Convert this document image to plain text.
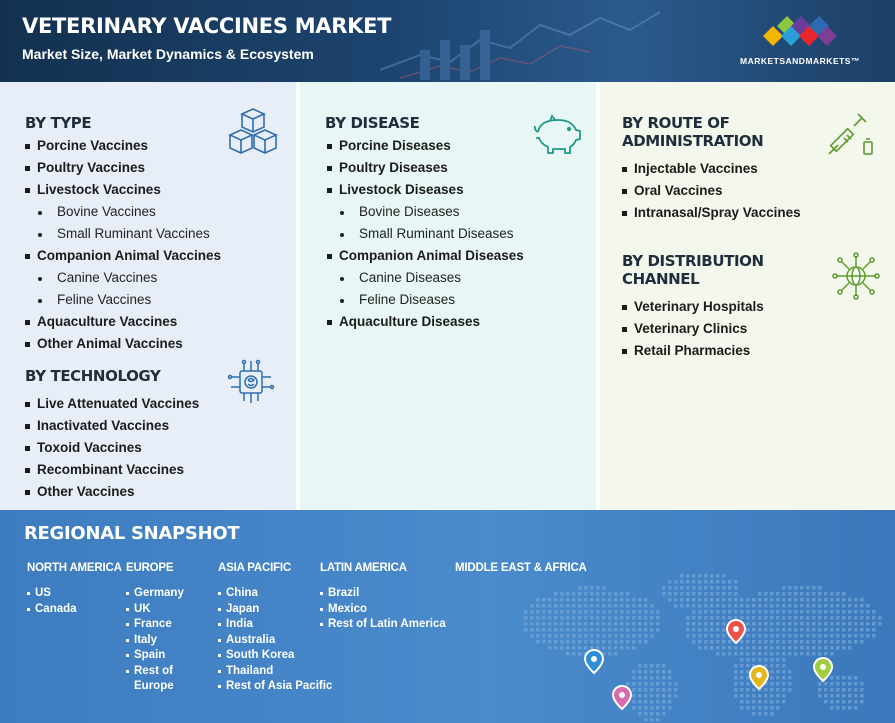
VETERINARY VACCINES MARKET
Market Size, Market Dynamics & Ecosystem	MARKETSANDMARKETS™
BY TYPE
Porcine Vaccines
Poultry Vaccines
Livestock Vaccines
Bovine Vaccines
Small Ruminant Vaccines
Companion Animal Vaccines
Canine Vaccines
Feline Vaccines
Aquaculture Vaccines
Other Animal Vaccines
BY TECHNOLOGY
Live Attenuated Vaccines
Inactivated Vaccines
Toxoid Vaccines
Recombinant Vaccines
Other Vaccines
BY DISEASE
Porcine Diseases
Poultry Diseases
Livestock Diseases
Bovine Diseases
Small Ruminant Diseases
Companion Animal Diseases
Canine Diseases
Feline Diseases
Aquaculture Diseases
BY ROUTE OF
ADMINISTRATION
Injectable Vaccines
Oral Vaccines
Intranasal/Spray Vaccines
BY DISTRIBUTION
CHANNEL
Veterinary Hospitals
Veterinary Clinics
Retail Pharmacies
REGIONAL SNAPSHOT
NORTH AMERICA
US
Canada
EUROPE
Germany
UK
France
Italy
Spain
Rest of
Europe
ASIA PACIFIC
China
Japan
India
Australia
South Korea
Thailand
Rest of Asia Pacific
LATIN AMERICA
Brazil
Mexico
Rest of Latin America
MIDDLE EAST & AFRICA
